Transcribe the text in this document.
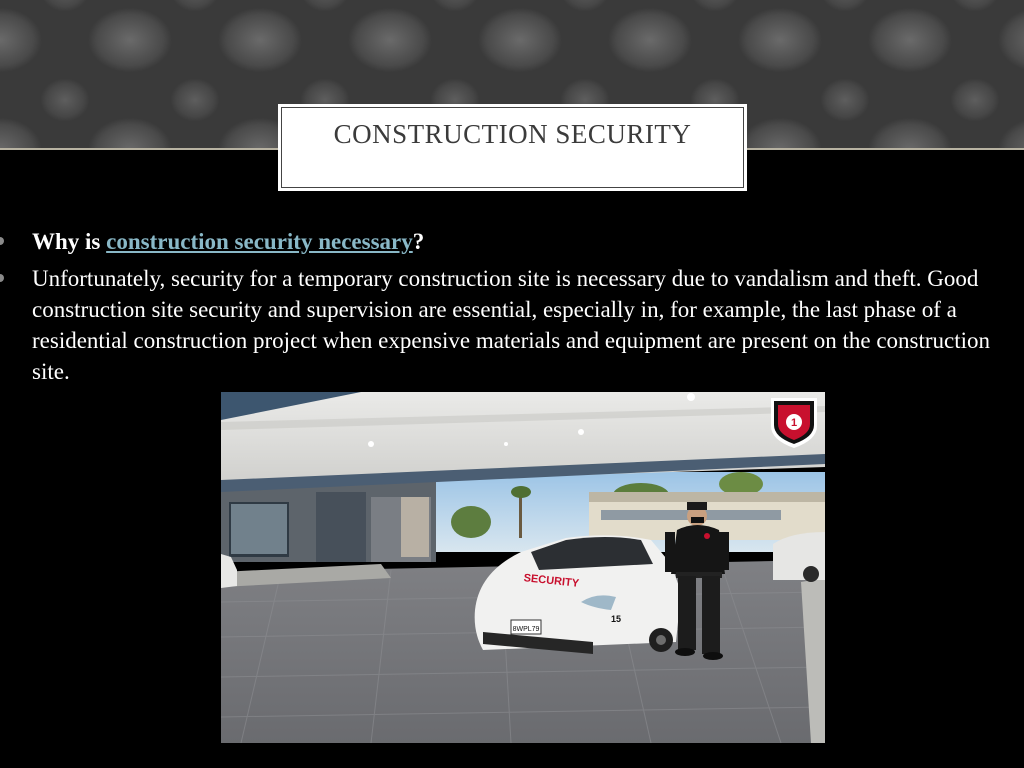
CONSTRUCTION SECURITY
Why is construction security necessary?
Unfortunately, security for a temporary construction site is necessary due to vandalism and theft. Good construction site security and supervision are essential, especially in, for example, the last phase of a residential construction project when expensive materials and equipment are present on the construction site.
8WPL79
SECURITY
15
1
